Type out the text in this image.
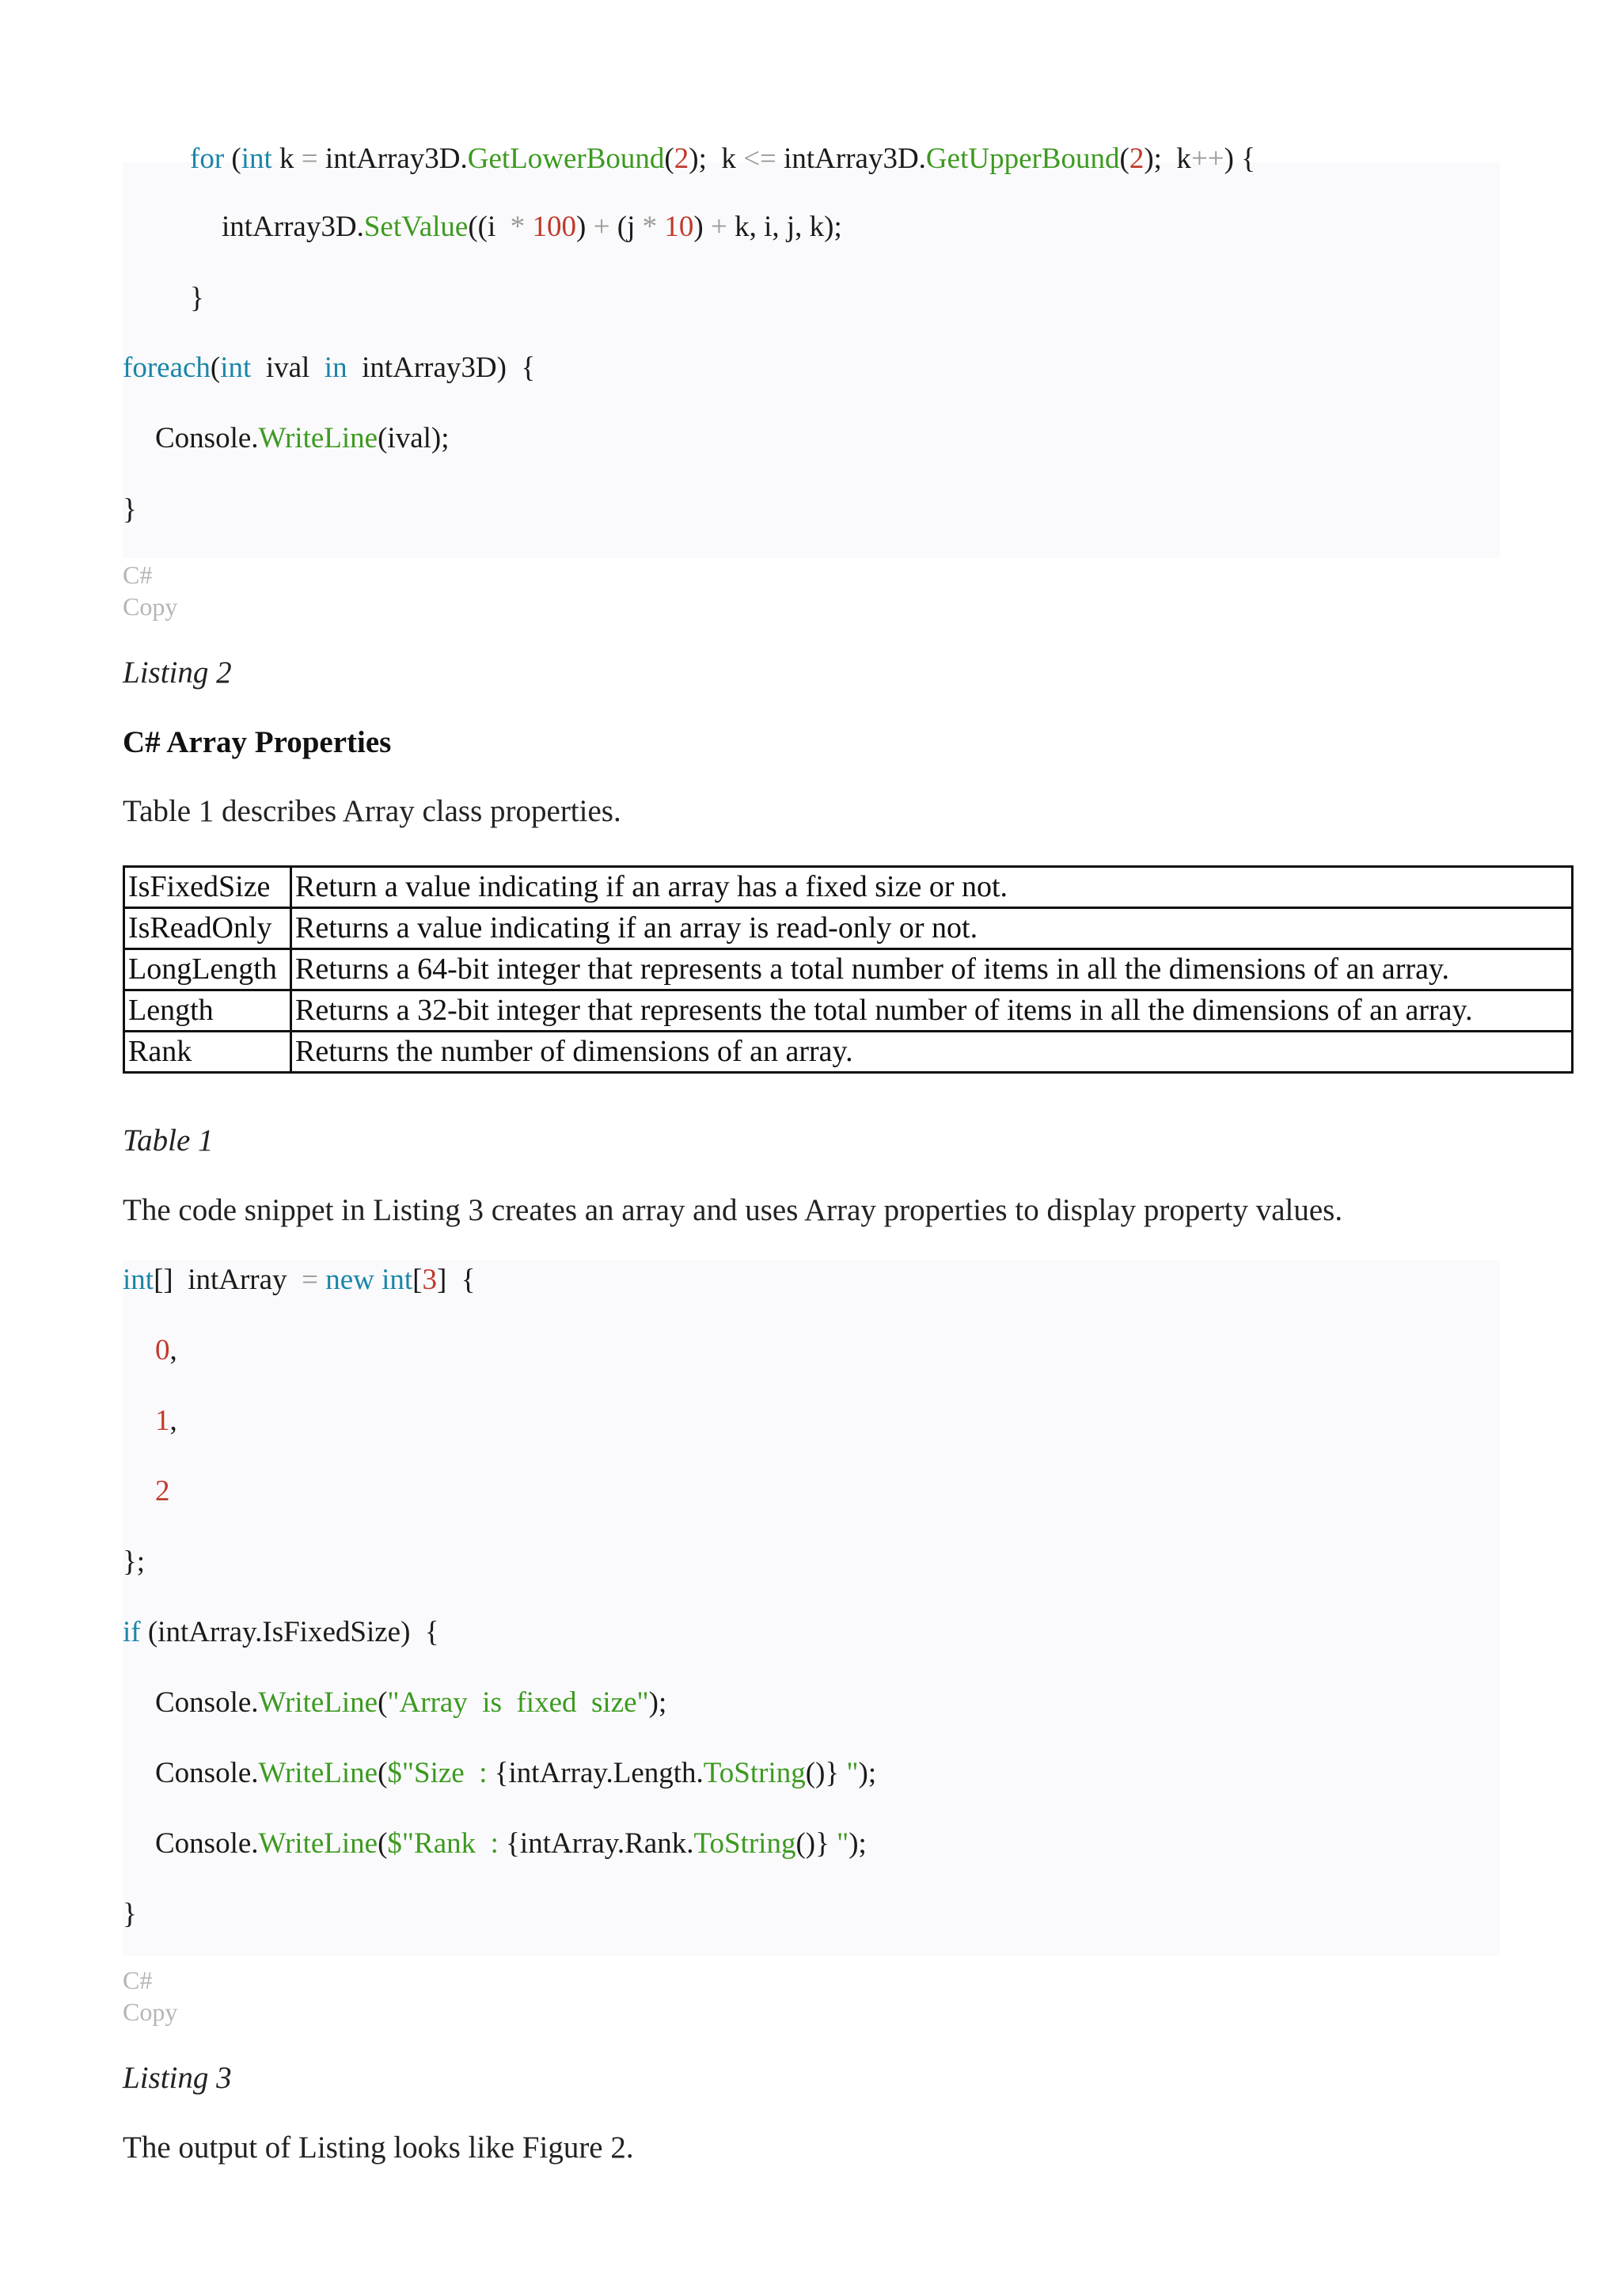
for (int k = intArray3D.GetLowerBound(2);  k <= intArray3D.GetUpperBound(2);  k++) {
intArray3D.SetValue((i  * 100) + (j * 10) + k, i, j, k);
}
foreach(int  ival  in  intArray3D)  {
Console.WriteLine(ival);
}
C#
Copy
Listing 2
C# Array Properties
Table 1 describes Array class properties.
IsFixedSize	Return a value indicating if an array has a fixed size or not.
IsReadOnly	Returns a value indicating if an array is read-only or not.
LongLength	Returns a 64-bit integer that represents a total number of items in all the dimensions of an array.
Length	Returns a 32-bit integer that represents the total number of items in all the dimensions of an array.
Rank	Returns the number of dimensions of an array.
Table 1
The code snippet in Listing 3 creates an array and uses Array properties to display property values.
int[]  intArray  = new int[3]  {
0,
1,
2
};
if (intArray.IsFixedSize)  {
Console.WriteLine("Array  is  fixed  size");
Console.WriteLine($"Size  : {intArray.Length.ToString()} ");
Console.WriteLine($"Rank  : {intArray.Rank.ToString()} ");
}
C#
Copy
Listing 3
The output of Listing looks like Figure 2.
